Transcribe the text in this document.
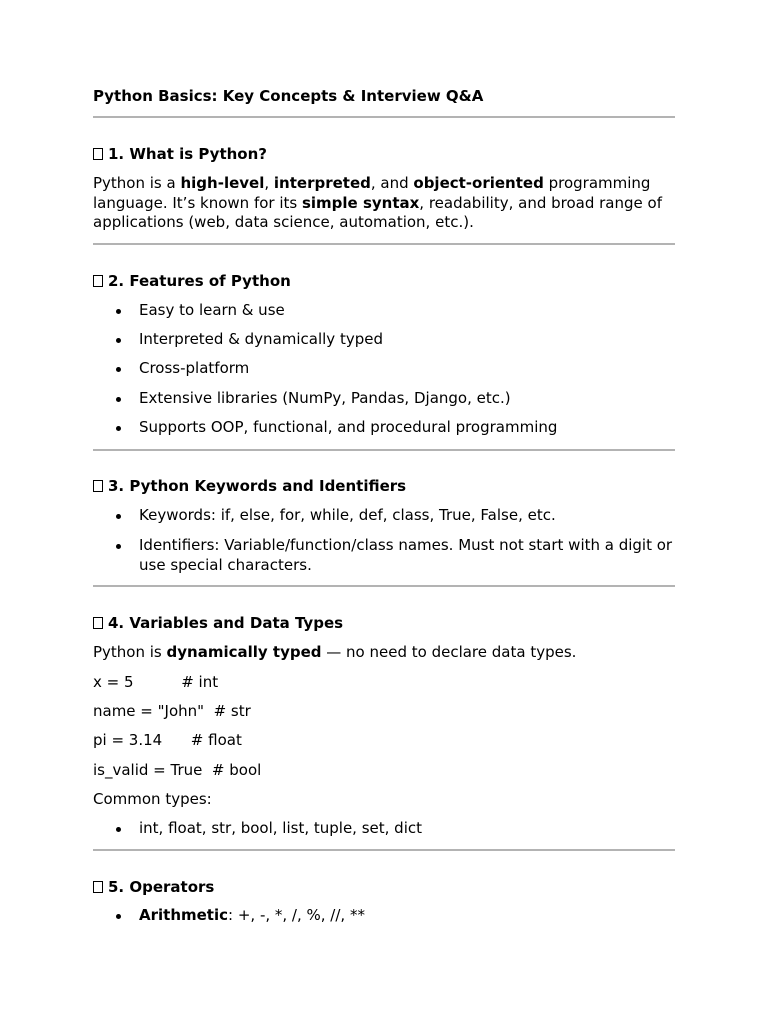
Python Basics: Key Concepts & Interview Q&A
1. What is Python?
Python is a high-level, interpreted, and object-oriented programming language. It’s known for its simple syntax, readability, and broad range of applications (web, data science, automation, etc.).
2. Features of Python
Easy to learn & use
Interpreted & dynamically typed
Cross-platform
Extensive libraries (NumPy, Pandas, Django, etc.)
Supports OOP, functional, and procedural programming
3. Python Keywords and Identifiers
Keywords: if, else, for, while, def, class, True, False, etc.
Identifiers: Variable/function/class names. Must not start with a digit or use special characters.
4. Variables and Data Types
Python is dynamically typed — no need to declare data types.
x = 5          # int
name = "John"  # str
pi = 3.14      # float
is_valid = True  # bool
Common types:
int, float, str, bool, list, tuple, set, dict
5. Operators
Arithmetic: +, -, *, /, %, //, **
